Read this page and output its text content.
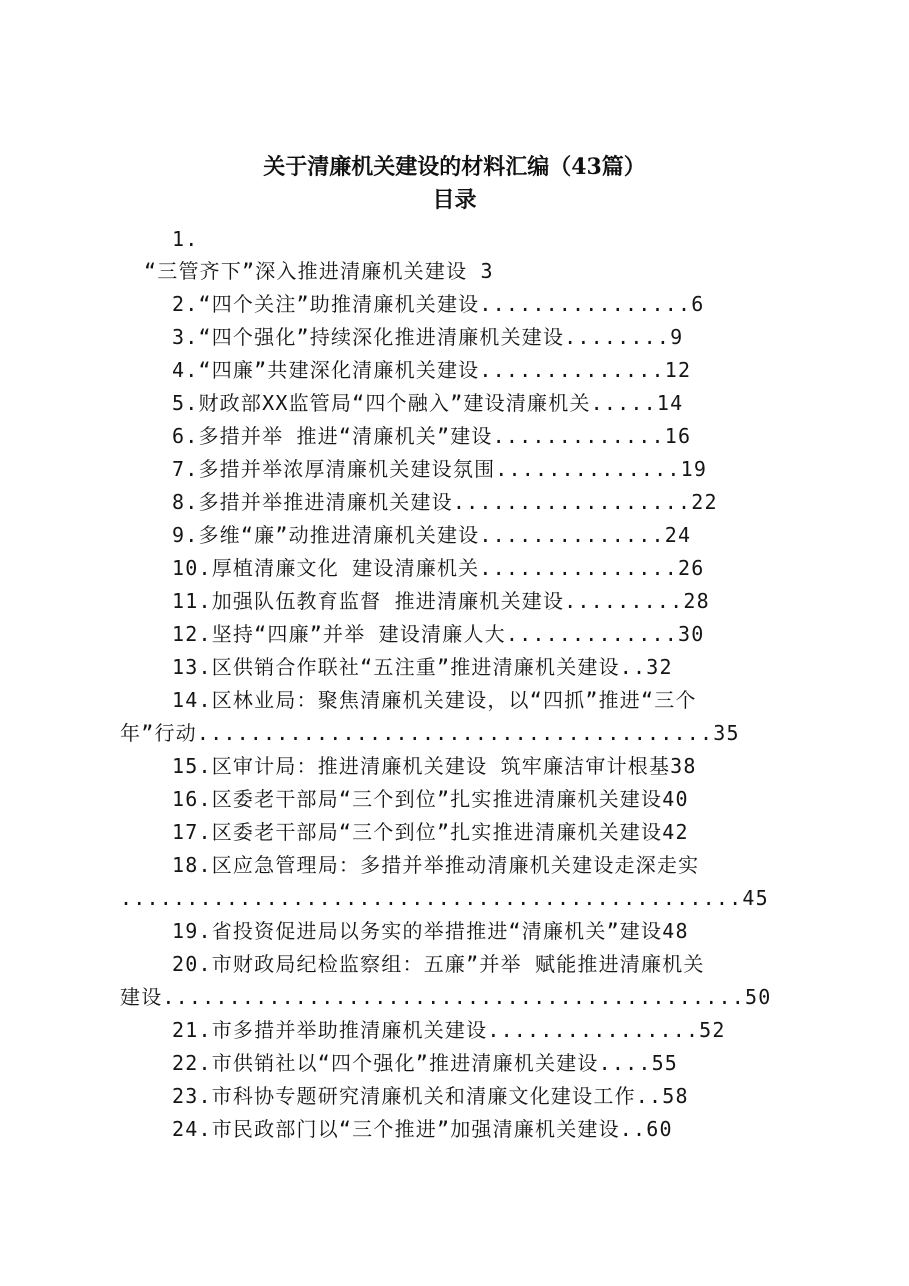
关于清廉机关建设的材料汇编（43篇）
目录
1.
“三管齐下”深入推进清廉机关建设 3
2.“四个关注”助推清廉机关建设................6
3.“四个强化”持续深化推进清廉机关建设........9
4.“四廉”共建深化清廉机关建设..............12
5.财政部XX监管局“四个融入”建设清廉机关.....14
6.多措并举 推进“清廉机关”建设.............16
7.多措并举浓厚清廉机关建设氛围..............19
8.多措并举推进清廉机关建设..................22
9.多维“廉”动推进清廉机关建设..............24
10.厚植清廉文化 建设清廉机关...............26
11.加强队伍教育监督 推进清廉机关建设.........28
12.坚持“四廉”并举 建设清廉人大.............30
13.区供销合作联社“五注重”推进清廉机关建设..32
14.区林业局：聚焦清廉机关建设，以“四抓”推进“三个
年”行动.......................................35
15.区审计局：推进清廉机关建设 筑牢廉洁审计根基38
16.区委老干部局“三个到位”扎实推进清廉机关建设40
17.区委老干部局“三个到位”扎实推进清廉机关建设42
18.区应急管理局：多措并举推动清廉机关建设走深走实
...............................................45
19.省投资促进局以务实的举措推进“清廉机关”建设48
20.市财政局纪检监察组：五廉”并举 赋能推进清廉机关
建设............................................50
21.市多措并举助推清廉机关建设................52
22.市供销社以“四个强化”推进清廉机关建设....55
23.市科协专题研究清廉机关和清廉文化建设工作..58
24.市民政部门以“三个推进”加强清廉机关建设..60
